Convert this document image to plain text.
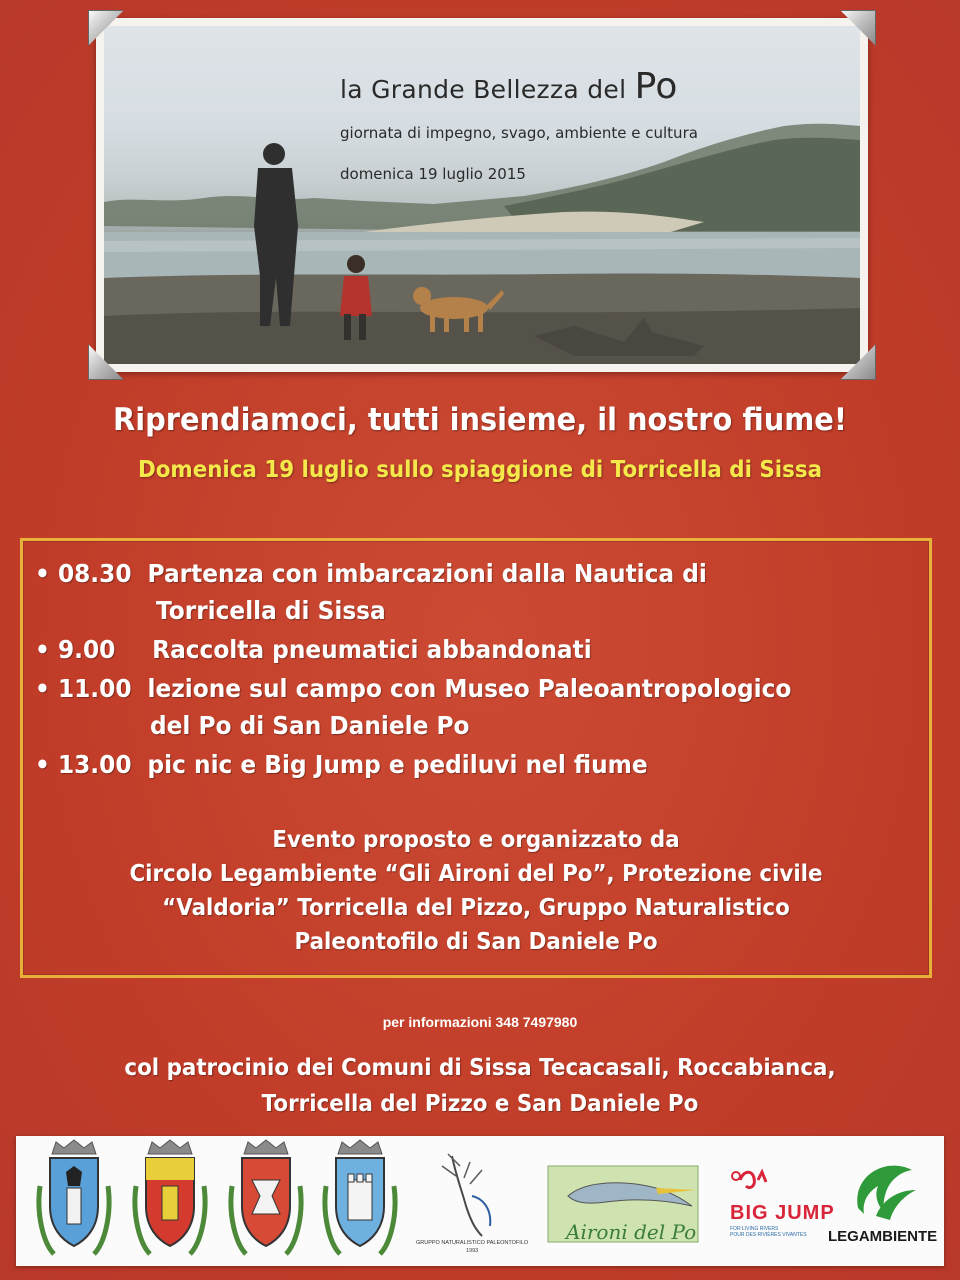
la Grande Bellezza del Po
giornata di impegno, svago, ambiente e cultura
domenica 19 luglio 2015
Riprendiamoci, tutti insieme, il nostro fiume!
Domenica 19 luglio sullo spiaggione di Torricella di Sissa
• 08.30 Partenza con imbarcazioni dalla Nautica di
Torricella di Sissa
• 9.00 Raccolta pneumatici abbandonati
• 11.00 lezione sul campo con Museo Paleoantropologico
del Po di San Daniele Po
• 13.00 pic nic e Big Jump e pediluvi nel fiume
Evento proposto e organizzato da
Circolo Legambiente “Gli Aironi del Po”, Protezione civile
“Valdoria” Torricella del Pizzo, Gruppo Naturalistico
Paleontofilo di San Daniele Po
per informazioni 348 7497980
col patrocinio dei Comuni di Sissa Tecacasali, Roccabianca,
Torricella del Pizzo e San Daniele Po
GRUPPO NATURALISTICO PALEONTOFILO
1993
Aironi del Po
BIG JUMP
FOR LIVING RIVERS
POUR DES RIVIÈRES VIVANTES LEGAMBIENTE
